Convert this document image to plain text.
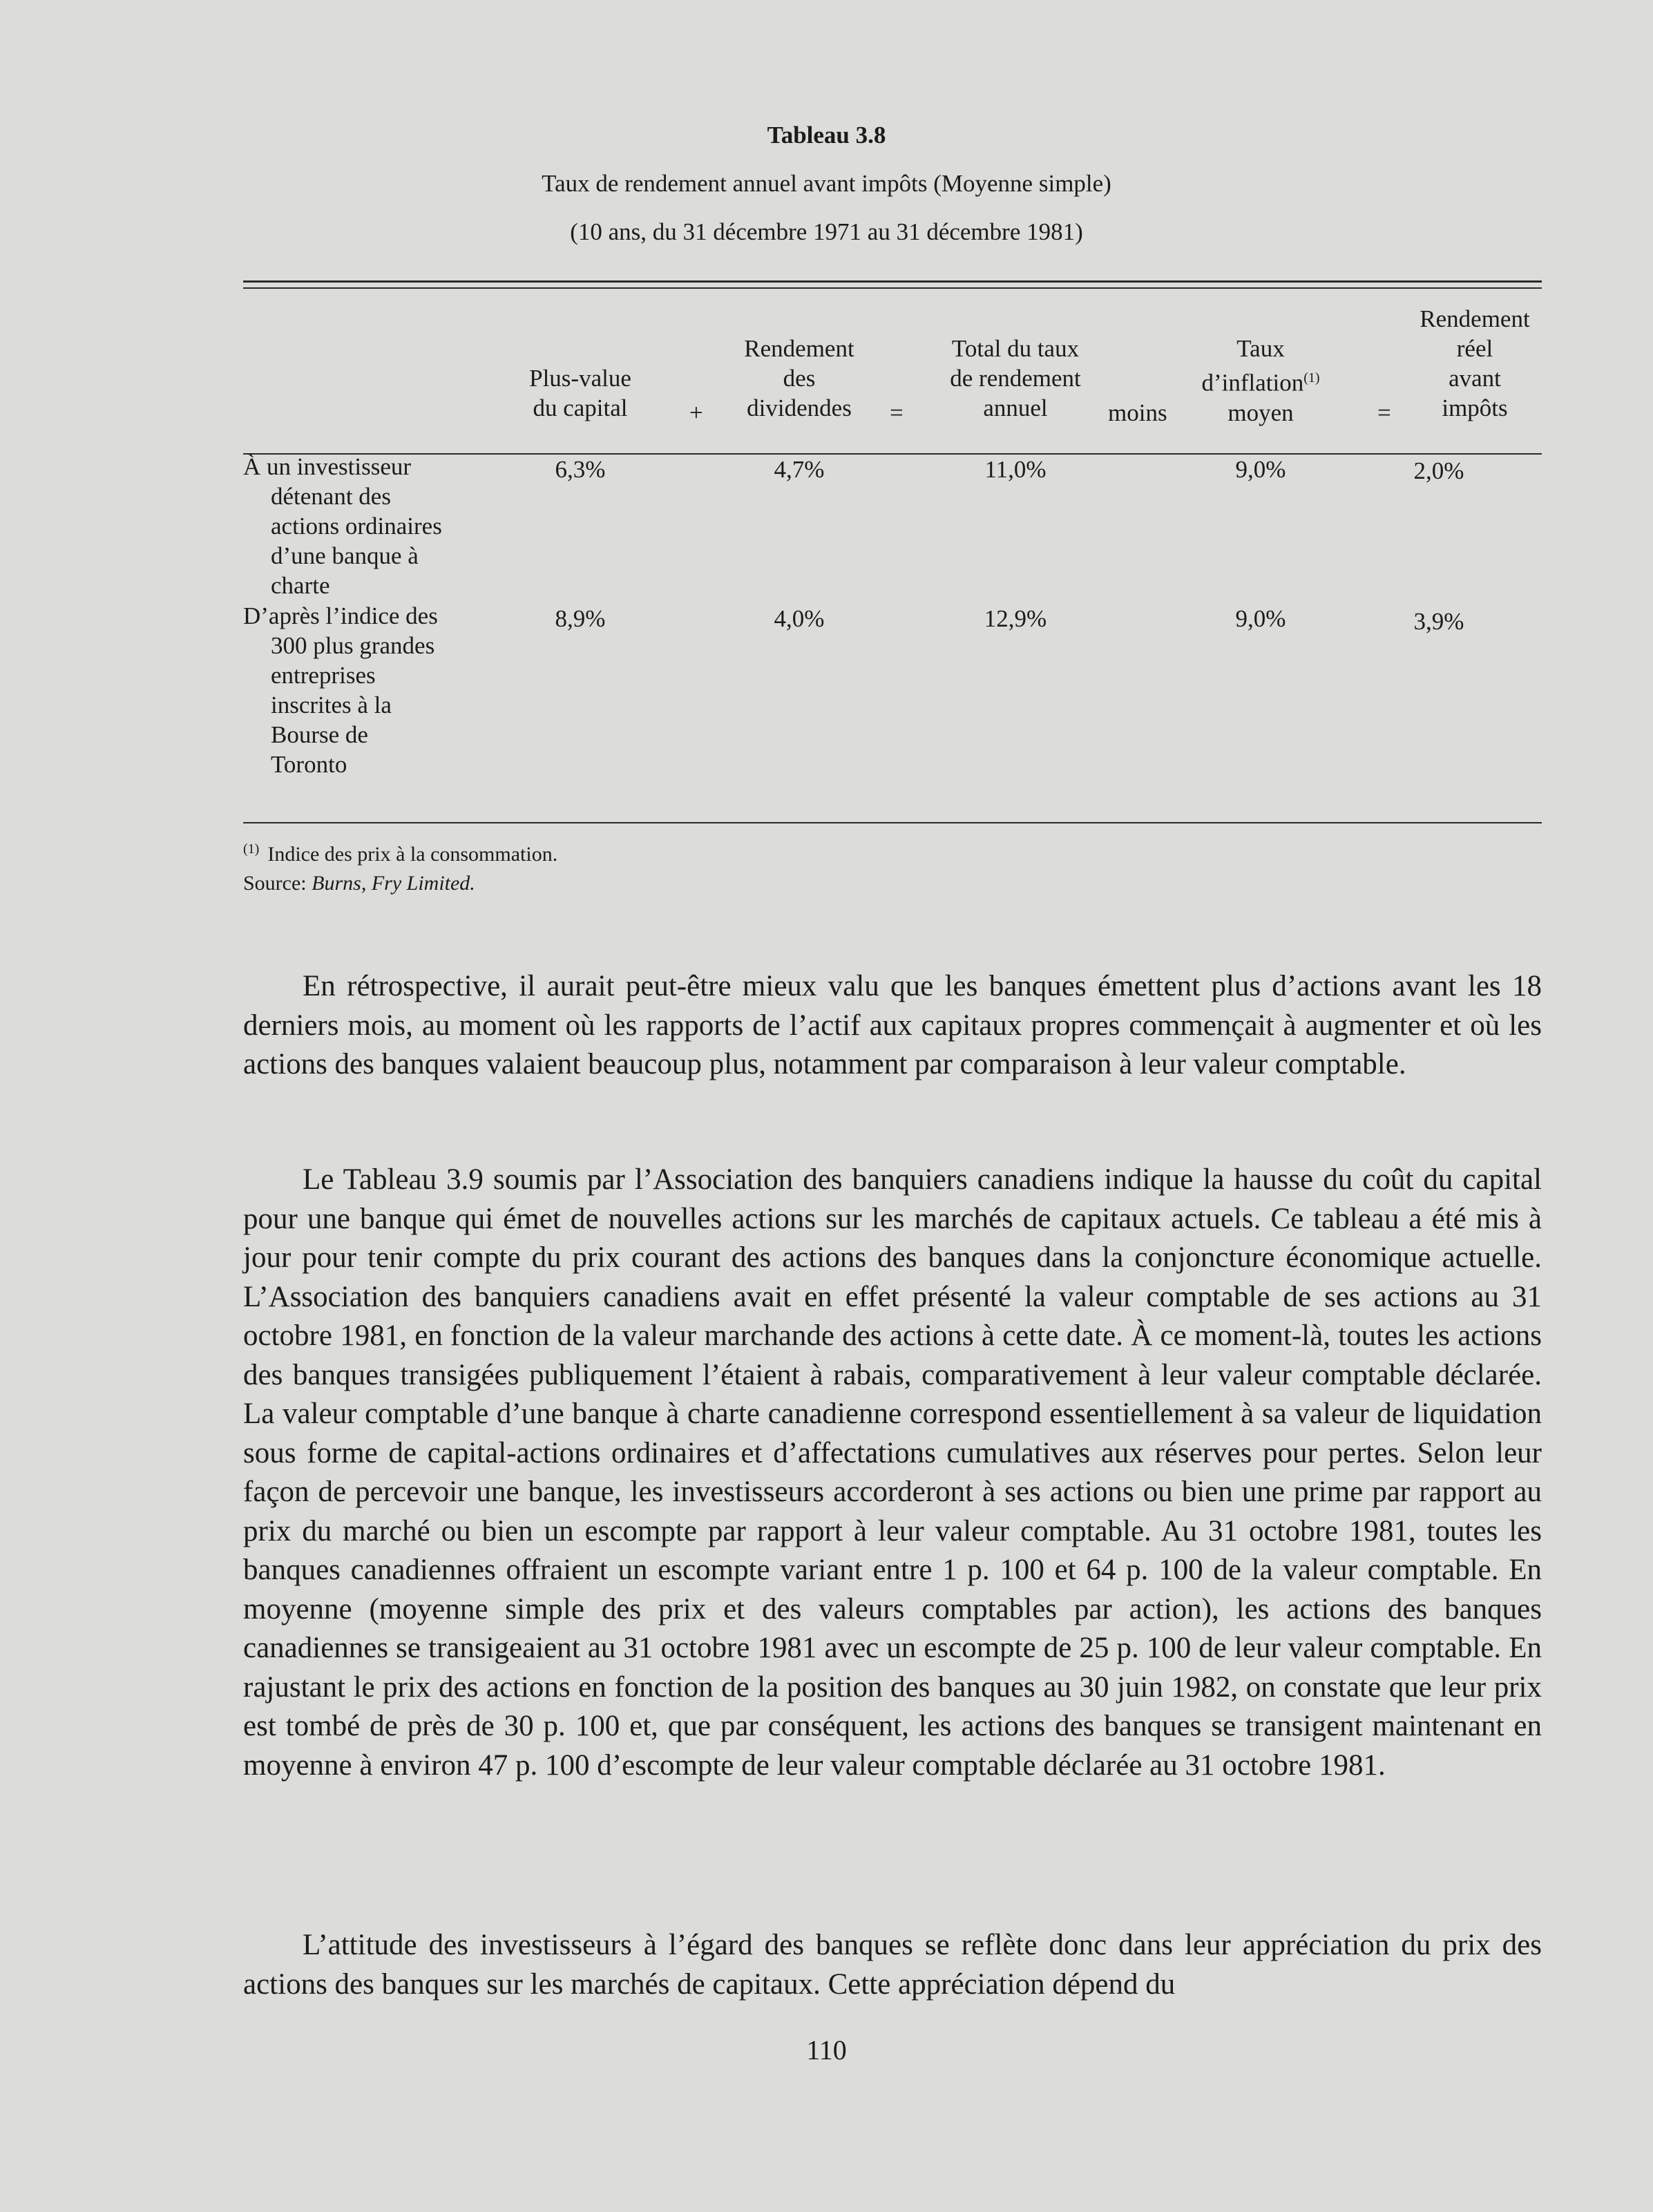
Tableau 3.8
Taux de rendement annuel avant impôts (Moyenne simple)
(10 ans, du 31 décembre 1971 au 31 décembre 1981)
Plus-value
du capital	+
Rendement
des
dividendes	=
Total du taux
de rendement
annuel	moins
Taux
d’inflation$^{(1)}$
moyen	=
Rendement
réel
avant
impôts
À un investisseur
détenant des
actions ordinaires
d’une banque à
charte
6,3%	4,7%	11,0%	9,0%	2,0%
D’après l’indice des
300 plus grandes
entreprises
inscrites à la
Bourse de
Toronto
8,9%	4,0%	12,9%	9,0%	3,9%
$^{(1)}$ Indice des prix à la consommation.
Source: Burns, Fry Limited.

En rétrospective, il aurait peut-être mieux valu que les banques émettent plus d’actions avant les 18 derniers mois, au moment où les rapports de l’actif aux capitaux propres commençait à augmenter et où les actions des banques valaient beaucoup plus, notamment par comparaison à leur valeur comptable.

Le Tableau 3.9 soumis par l’Association des banquiers canadiens indique la hausse du coût du capital pour une banque qui émet de nouvelles actions sur les marchés de capitaux actuels. Ce tableau a été mis à jour pour tenir compte du prix courant des actions des banques dans la conjoncture économique actuelle. L’Association des banquiers canadiens avait en effet présenté la valeur comptable de ses actions au 31 octobre 1981, en fonction de la valeur marchande des actions à cette date. À ce moment-là, toutes les actions des banques transigées publiquement l’étaient à rabais, comparativement à leur valeur comptable déclarée. La valeur comptable d’une banque à charte canadienne correspond essentiellement à sa valeur de liquidation sous forme de capital-actions ordinaires et d’affectations cumulatives aux réserves pour pertes. Selon leur façon de percevoir une banque, les investisseurs accorderont à ses actions ou bien une prime par rapport au prix du marché ou bien un escompte par rapport à leur valeur comptable. Au 31 octobre 1981, toutes les banques canadiennes offraient un escompte variant entre 1 p. 100 et 64 p. 100 de la valeur comptable. En moyenne (moyenne simple des prix et des valeurs comptables par action), les actions des banques canadiennes se transigeaient au 31 octobre 1981 avec un escompte de 25 p. 100 de leur valeur comptable. En rajustant le prix des actions en fonction de la position des banques au 30 juin 1982, on constate que leur prix est tombé de près de 30 p. 100 et, que par conséquent, les actions des banques se transigent maintenant en moyenne à environ 47 p. 100 d’escompte de leur valeur comptable déclarée au 31 octobre 1981.

L’attitude des investisseurs à l’égard des banques se reflète donc dans leur appréciation du prix des actions des banques sur les marchés de capitaux. Cette appréciation dépend du

110
